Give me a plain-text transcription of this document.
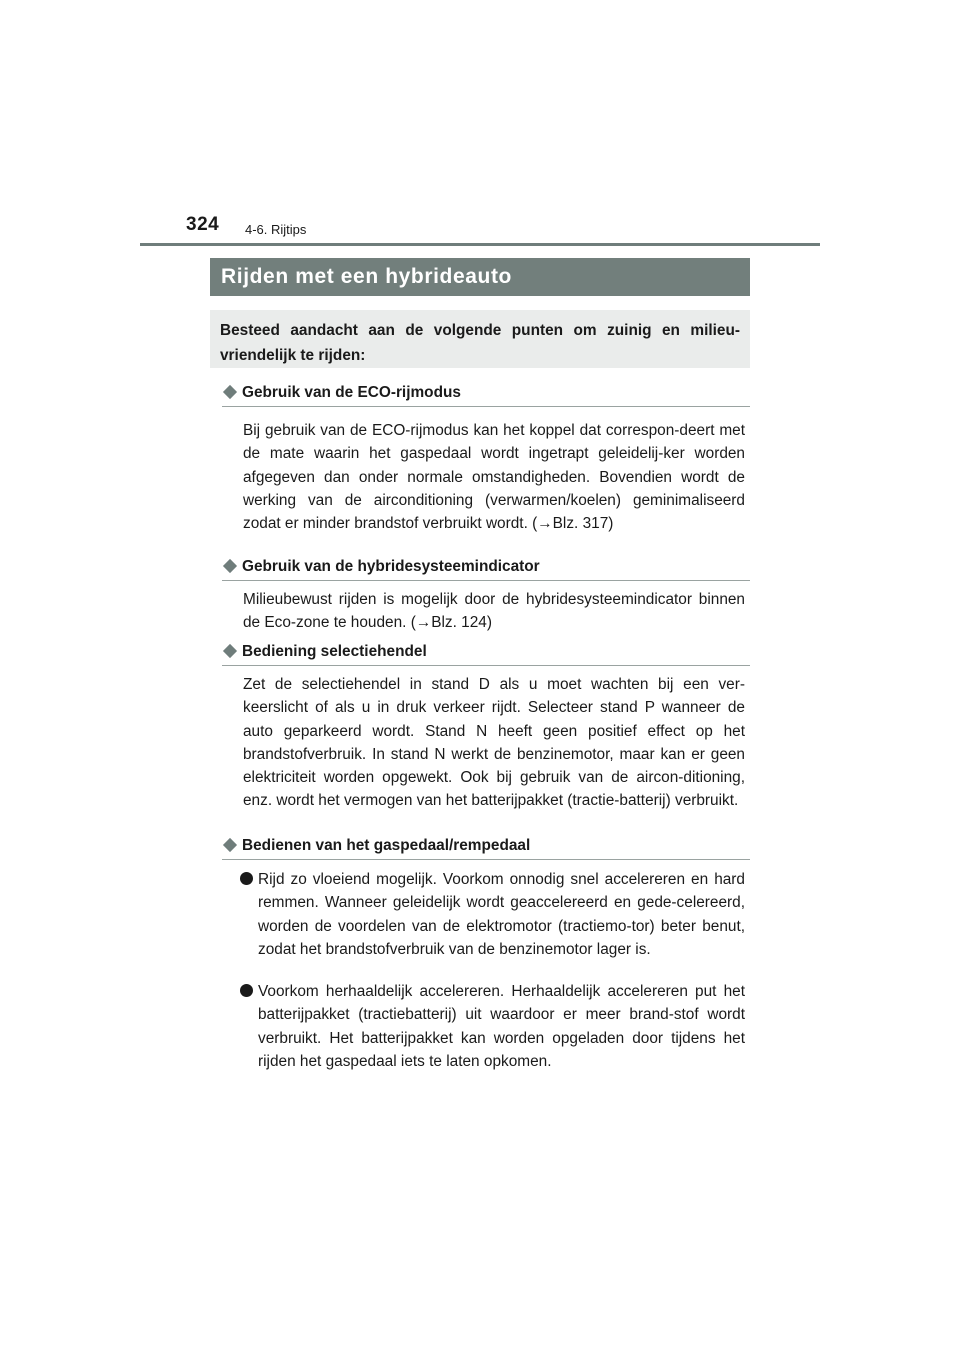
324 4-6. Rijtips
Rijden met een hybrideauto
Besteed aandacht aan de volgende punten om zuinig en milieu-vriendelijk te rijden:
Gebruik van de ECO-rijmodus
Bij gebruik van de ECO-rijmodus kan het koppel dat correspon-deert met de mate waarin het gaspedaal wordt ingetrapt geleidelij-ker worden afgegeven dan onder normale omstandigheden. Bovendien wordt de werking van de airconditioning (verwarmen/koelen) geminimaliseerd zodat er minder brandstof verbruikt wordt. (→Blz. 317)
Gebruik van de hybridesysteemindicator
Milieubewust rijden is mogelijk door de hybridesysteemindicator binnen de Eco-zone te houden. (→Blz. 124)
Bediening selectiehendel
Zet de selectiehendel in stand D als u moet wachten bij een ver-keerslicht of als u in druk verkeer rijdt. Selecteer stand P wanneer de auto geparkeerd wordt. Stand N heeft geen positief effect op het brandstofverbruik. In stand N werkt de benzinemotor, maar kan er geen elektriciteit worden opgewekt. Ook bij gebruik van de aircon-ditioning, enz. wordt het vermogen van het batterijpakket (tractie-batterij) verbruikt.
Bedienen van het gaspedaal/rempedaal
Rijd zo vloeiend mogelijk. Voorkom onnodig snel accelereren en hard remmen. Wanneer geleidelijk wordt geaccelereerd en gede-celereerd, worden de voordelen van de elektromotor (tractiemo-tor) beter benut, zodat het brandstofverbruik van de benzinemotor lager is.
Voorkom herhaaldelijk accelereren. Herhaaldelijk accelereren put het batterijpakket (tractiebatterij) uit waardoor er meer brand-stof wordt verbruikt. Het batterijpakket kan worden opgeladen door tijdens het rijden het gaspedaal iets te laten opkomen.
